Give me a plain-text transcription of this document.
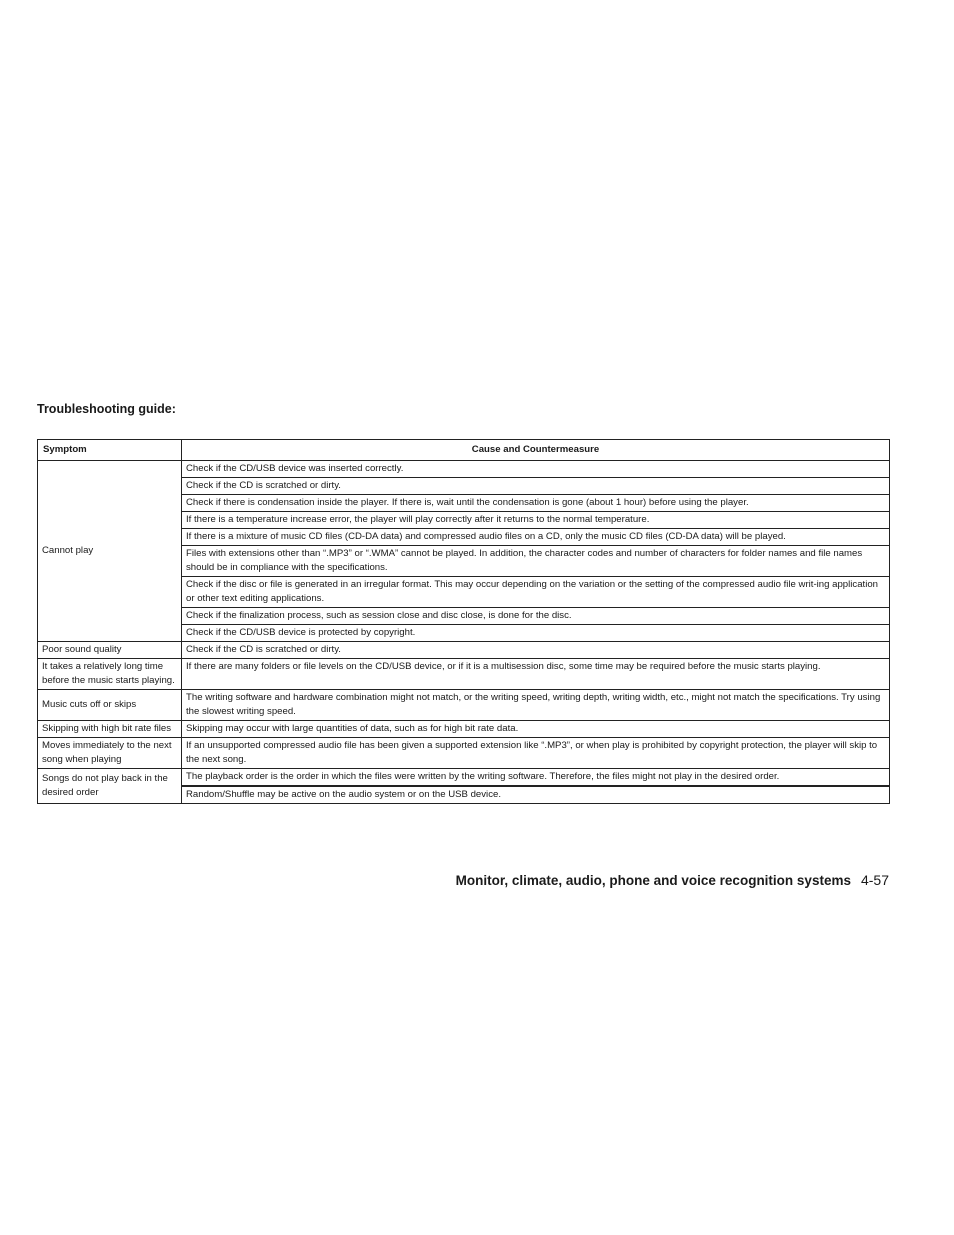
Troubleshooting guide:
Symptom	Cause and Countermeasure
Cannot play	Check if the CD/USB device was inserted correctly.
	Check if the CD is scratched or dirty.
	Check if there is condensation inside the player. If there is, wait until the condensation is gone (about 1 hour) before using the player.
	If there is a temperature increase error, the player will play correctly after it returns to the normal temperature.
	If there is a mixture of music CD files (CD-DA data) and compressed audio files on a CD, only the music CD files (CD-DA data) will be played.
	Files with extensions other than “.MP3” or “.WMA” cannot be played. In addition, the character codes and number of characters for folder names and file names should be in compliance with the specifications.
	Check if the disc or file is generated in an irregular format. This may occur depending on the variation or the setting of the compressed audio file writ-ing application or other text editing applications.
	Check if the finalization process, such as session close and disc close, is done for the disc.
	Check if the CD/USB device is protected by copyright.
Poor sound quality	Check if the CD is scratched or dirty.
It takes a relatively long time before the music starts playing.	If there are many folders or file levels on the CD/USB device, or if it is a multisession disc, some time may be required before the music starts playing.
Music cuts off or skips	The writing software and hardware combination might not match, or the writing speed, writing depth, writing width, etc., might not match the specifications. Try using the slowest writing speed.
Skipping with high bit rate files	Skipping may occur with large quantities of data, such as for high bit rate data.
Moves immediately to the next song when playing	If an unsupported compressed audio file has been given a supported extension like “.MP3”, or when play is prohibited by copyright protection, the player will skip to the next song.
Songs do not play back in the desired order	The playback order is the order in which the files were written by the writing software. Therefore, the files might not play in the desired order.
	Random/Shuffle may be active on the audio system or on the USB device.
Monitor, climate, audio, phone and voice recognition systems 4-57
